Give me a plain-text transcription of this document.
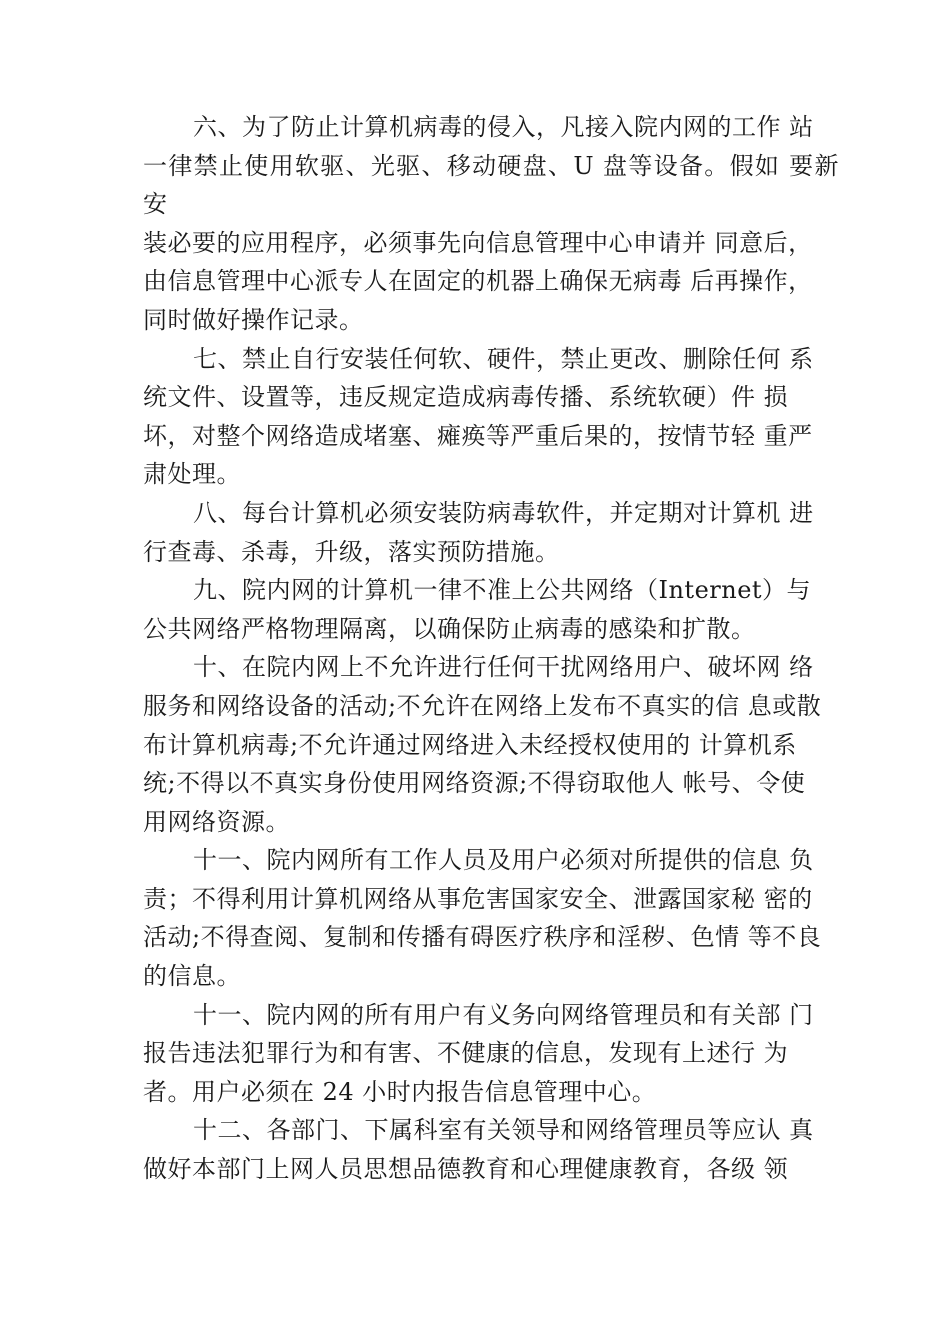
六、为了防止计算机病毒的侵入，凡接入院内网的工作 站
一律禁止使用软驱、光驱、移动硬盘、U 盘等设备。假如 要新安
装必要的应用程序，必须事先向信息管理中心申请并 同意后，
由信息管理中心派专人在固定的机器上确保无病毒 后再操作，
同时做好操作记录。

七、禁止自行安装任何软、硬件，禁止更改、删除任何 系
统文件、设置等，违反规定造成病毒传播、系统软硬）件 损
坏，对整个网络造成堵塞、瘫痪等严重后果的，按情节轻 重严
肃处理。

八、每台计算机必须安装防病毒软件，并定期对计算机 进
行查毒、杀毒，升级，落实预防措施。

九、院内网的计算机一律不准上公共网络（Internet）与
公共网络严格物理隔离，以确保防止病毒的感染和扩散。

十、在院内网上不允许进行任何干扰网络用户、破坏网 络
服务和网络设备的活动;不允许在网络上发布不真实的信 息或散
布计算机病毒;不允许通过网络进入未经授权使用的 计算机系
统;不得以不真实身份使用网络资源;不得窃取他人 帐号、令使
用网络资源。

十一、院内网所有工作人员及用户必须对所提供的信息 负
责；不得利用计算机网络从事危害国家安全、泄露国家秘 密的
活动;不得查阅、复制和传播有碍医疗秩序和淫秽、色情 等不良
的信息。

十一、院内网的所有用户有义务向网络管理员和有关部 门
报告违法犯罪行为和有害、不健康的信息，发现有上述行 为
者。用户必须在 24 小时内报告信息管理中心。

十二、各部门、下属科室有关领导和网络管理员等应认 真
做好本部门上网人员思想品德教育和心理健康教育，各级 领
